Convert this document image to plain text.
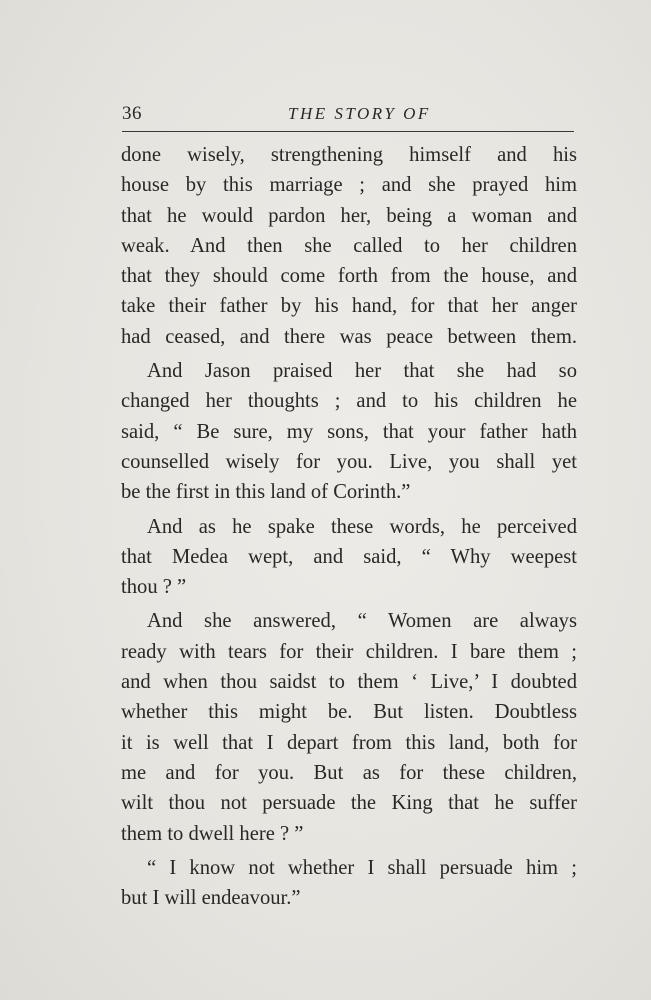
36	THE STORY OF
done wisely, strengthening himself and his
house by this marriage ; and she prayed him
that he would pardon her, being a woman and
weak. And then she called to her children
that they should come forth from the house, and
take their father by his hand, for that her anger
had ceased, and there was peace between them.
And Jason praised her that she had so
changed her thoughts ; and to his children he
said, “ Be sure, my sons, that your father hath
counselled wisely for you. Live, you shall yet
be the first in this land of Corinth.”
And as he spake these words, he perceived
that Medea wept, and said, “ Why weepest
thou ? ”
And she answered, “ Women are always
ready with tears for their children. I bare them ;
and when thou saidst to them ‘ Live,’ I doubted
whether this might be. But listen. Doubtless
it is well that I depart from this land, both for
me and for you. But as for these children,
wilt thou not persuade the King that he suffer
them to dwell here ? ”
“ I know not whether I shall persuade him ;
but I will endeavour.”
